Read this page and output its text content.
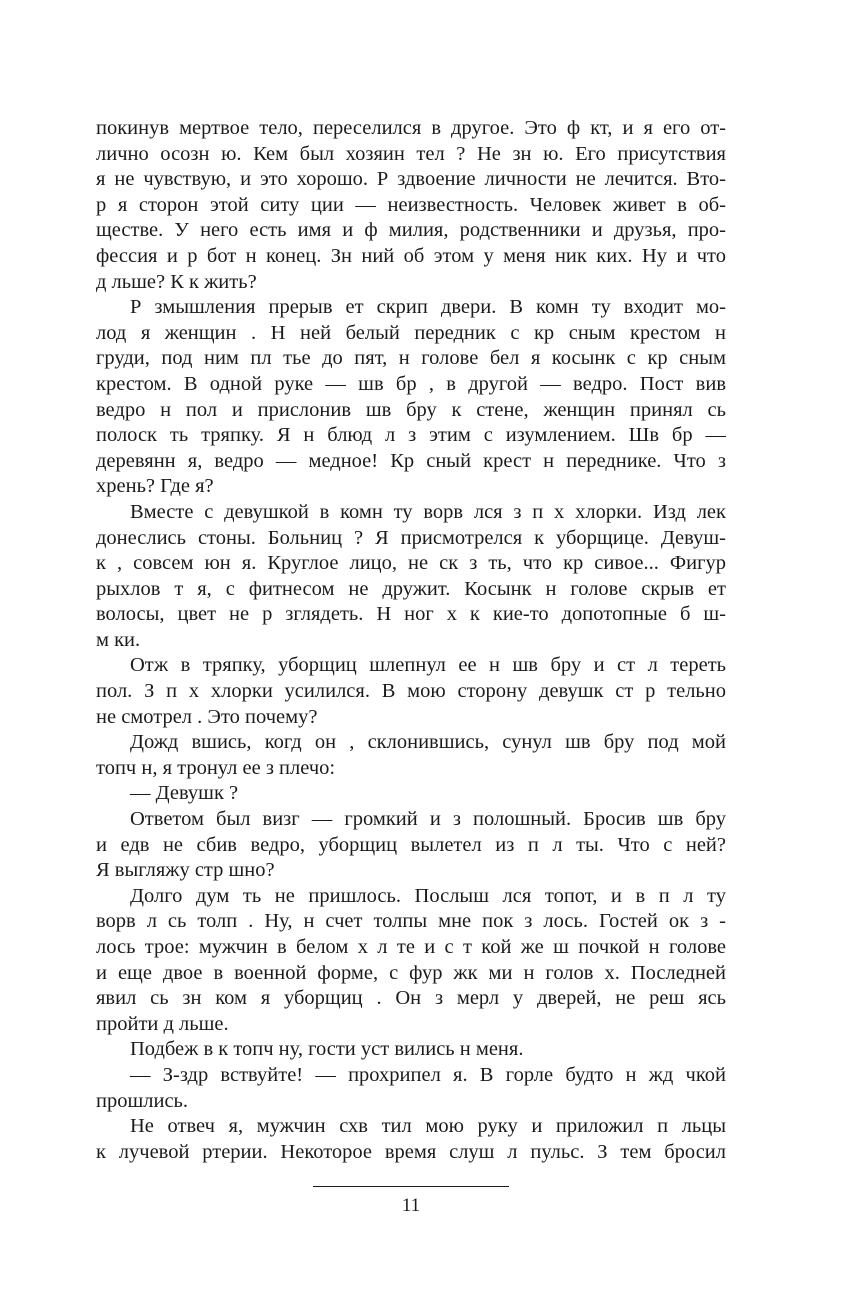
покинув мертвое тело, переселился в другое. Это ф кт, и я его от-
лично осозн ю. Кем был хозяин тел ? Не зн ю. Его присутствия
я не чувствую, и это хорошо. Р здвоение личности не лечится. Вто-
р я сторон этой ситу ции — неизвестность. Человек живет в об-
ществе. У него есть имя и ф милия, родственники и друзья, про-
фессия и р бот н конец. Зн ний об этом у меня ник ких. Ну и что
д льше? К к жить?
Р змышления прерыв ет скрип двери. В комн ту входит мо-
лод я женщин . Н ней белый передник с кр сным крестом н
груди, под ним пл тье до пят, н голове бел я косынк с кр сным
крестом. В одной руке — шв бр , в другой — ведро. Пост вив
ведро н пол и прислонив шв бру к стене, женщин принял сь
полоск ть тряпку. Я н блюд л з этим с изумлением. Шв бр —
деревянн я, ведро — медное! Кр сный крест н переднике. Что з
хрень? Где я?
Вместе с девушкой в комн ту ворв лся з п х хлорки. Изд лек
донеслись стоны. Больниц ? Я присмотрелся к уборщице. Девуш-
к , совсем юн я. Круглое лицо, не ск з ть, что кр сивое... Фигур
рыхлов т я, с фитнесом не дружит. Косынк н голове скрыв ет
волосы, цвет не р зглядеть. Н ног х к кие-то допотопные б ш-
м ки.
Отж в тряпку, уборщиц шлепнул ее н шв бру и ст л тереть
пол. З п х хлорки усилился. В мою сторону девушк ст р тельно
не смотрел . Это почему?
Дожд вшись, когд он , склонившись, сунул шв бру под мой
топч н, я тронул ее з плечо:
— Девушк ?
Ответом был визг — громкий и з полошный. Бросив шв бру
и едв не сбив ведро, уборщиц вылетел из п л ты. Что с ней?
Я выгляжу стр шно?
Долго дум ть не пришлось. Послыш лся топот, и в п л ту
ворв л сь толп . Ну, н счет толпы мне пок з лось. Гостей ок з -
лось трое: мужчин в белом х л те и с т кой же ш почкой н голове
и еще двое в военной форме, с фур жк ми н голов х. Последней
явил сь зн ком я уборщиц . Он з мерл у дверей, не реш ясь
пройти д льше.
Подбеж в к топч ну, гости уст вились н меня.
— З-здр вствуйте! — прохрипел я. В горле будто н жд чкой
прошлись.
Не отвеч я, мужчин схв тил мою руку и приложил п льцы
к лучевой ртерии. Некоторое время слуш л пульс. З тем бросил
11
